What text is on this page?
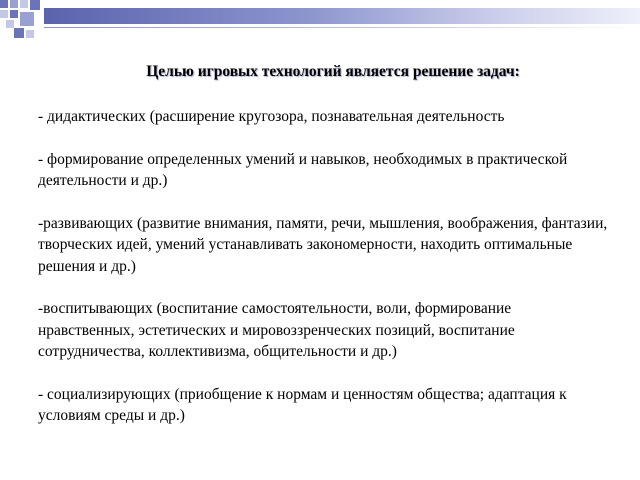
Целью игровых технологий является решение задач:
- дидактических (расширение кругозора, познавательная деятельность
- формирование определенных умений и навыков, необходимых в практической деятельности и др.)
-развивающих (развитие внимания, памяти, речи, мышления, воображения, фантазии, творческих идей, умений устанавливать закономерности, находить оптимальные решения и др.)
-воспитывающих (воспитание самостоятельности, воли, формирование нравственных, эстетических и мировоззренческих позиций, воспитание сотрудничества, коллективизма, общительности и др.)
- социализирующих (приобщение к нормам и ценностям общества; адаптация к условиям среды и др.)
